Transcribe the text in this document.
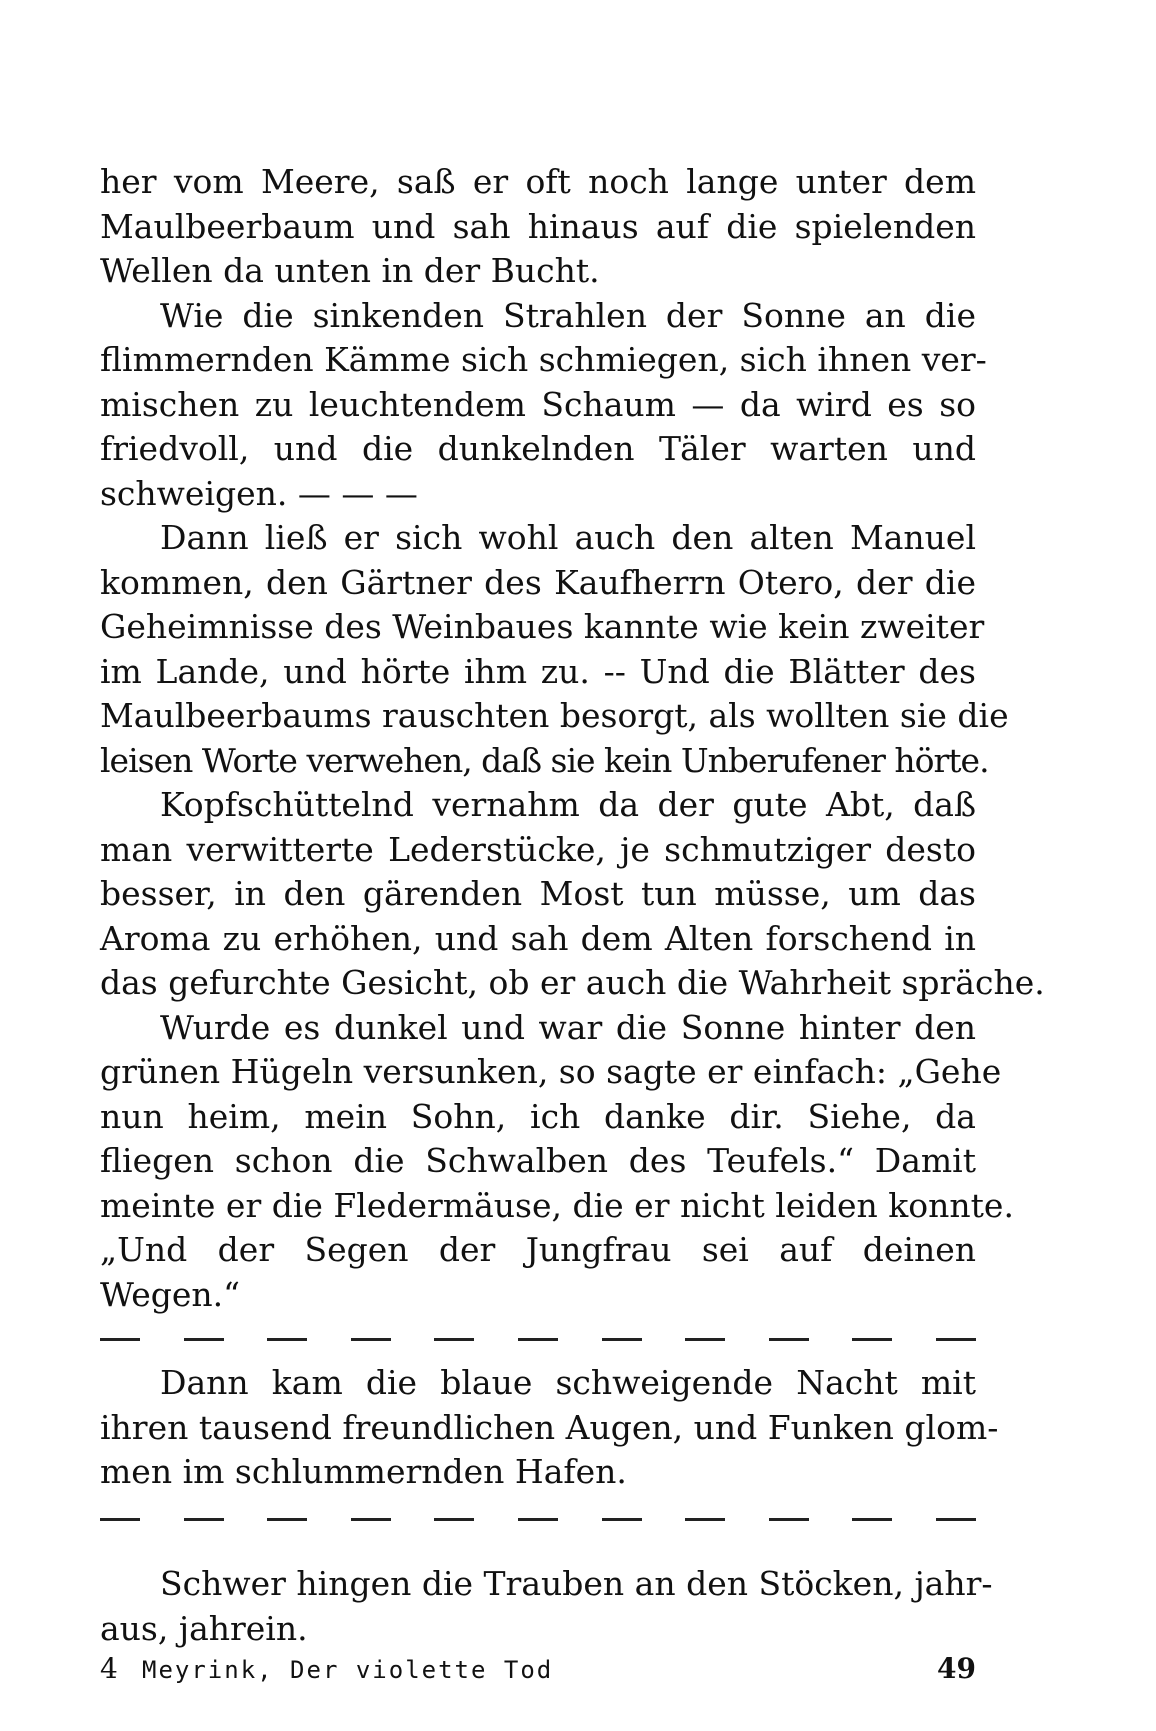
her vom Meere, saß er oft noch lange unter dem
Maulbeerbaum und sah hinaus auf die spielenden
Wellen da unten in der Bucht.

Wie die sinkenden Strahlen der Sonne an die
flimmernden Kämme sich schmiegen, sich ihnen ver-
mischen zu leuchtendem Schaum — da wird es so
friedvoll, und die dunkelnden Täler warten und
schweigen. — — —

Dann ließ er sich wohl auch den alten Manuel
kommen, den Gärtner des Kaufherrn Otero, der die
Geheimnisse des Weinbaues kannte wie kein zweiter
im Lande, und hörte ihm zu. -- Und die Blätter des
Maulbeerbaums rauschten besorgt, als wollten sie die
leisen Worte verwehen, daß sie kein Unberufener hörte.

Kopfschüttelnd vernahm da der gute Abt, daß
man verwitterte Lederstücke, je schmutziger desto
besser, in den gärenden Most tun müsse, um das
Aroma zu erhöhen, und sah dem Alten forschend in
das gefurchte Gesicht, ob er auch die Wahrheit spräche.

Wurde es dunkel und war die Sonne hinter den
grünen Hügeln versunken, so sagte er einfach: „Gehe
nun heim, mein Sohn, ich danke dir. Siehe, da
fliegen schon die Schwalben des Teufels.“ Damit
meinte er die Fledermäuse, die er nicht leiden konnte.
„Und der Segen der Jungfrau sei auf deinen
Wegen.“

Dann kam die blaue schweigende Nacht mit
ihren tausend freundlichen Augen, und Funken glom-
men im schlummernden Hafen.

Schwer hingen die Trauben an den Stöcken, jahr-
aus, jahrein.

4 Meyrink, Der violette Tod	49
